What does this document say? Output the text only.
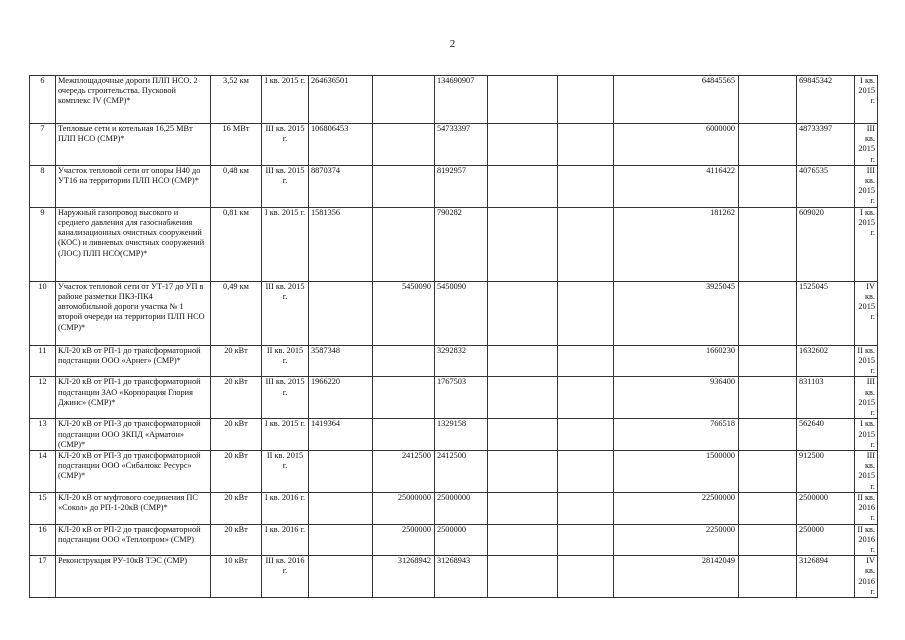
2
6	Межплощадочные дороги ПЛП НСО. 2 очередь строительства. Пусковой комплекс IV (СМР)*	3,52 км	I кв. 2015 г.	264636501		134690907			64845565		69845342	I кв. 2015 г.
7	Тепловые сети и котельная 16,25 МВт ПЛП НСО (СМР)*	16 МВт	III кв. 2015 г.	106806453		54733397			6000000		48733397	III кв. 2015 г.
8	Участок тепловой сети от опоры Н40 до УТ16 на территории ПЛП НСО (СМР)*	0,48 км	III кв. 2015 г.	8870374		8192957			4116422		4076535	III кв. 2015 г.
9	Наружный газопровод высокого и среднего давления для газоснабжения канализационных очистных сооружений (КОС) и ливневых очистных сооружений (ЛОС) ПЛП НСО(СМР)*	0,81 км	I кв. 2015 г.	1581356		790282			181262		609020	I кв. 2015 г.
10	Участок тепловой сети от УТ-17 до УП в районе разметки ПК3-ПК4 автомобильной дороги участка № 1 второй очереди на территории ПЛП НСО (СМР)*	0,49 км	III кв. 2015 г.		5450090	5450090			3925045		1525045	IV кв. 2015 г.
11	КЛ-20 кВ от РП-1 до трансформаторной подстанции ООО «Арнег» (СМР)*	20 кВт	II кв. 2015 г.	3587348		3292832			1660230		1632602	II кв. 2015 г.
12	КЛ-20 кВ от РП-1 до трансформаторной подстанции ЗАО «Корпорация Глория Джинс» (СМР)*	20 кВт	III кв. 2015 г.	1966220		1767503			936400		831103	III кв. 2015 г.
13	КЛ-20 кВ от РП-3 до трансформаторной подстанции ООО ЗКПД «Арматон» (СМР)*	20 кВт	I кв. 2015 г.	1419364		1329158			766518		562640	I кв. 2015 г.
14	КЛ-20 кВ от РП-3 до трансформаторной подстанции ООО «Сибалюкс Ресурс» (СМР)*	20 кВт	II кв. 2015 г.		2412500	2412500			1500000		912500	III кв. 2015 г.
15	КЛ-20 кВ от муфтового соединения ПС «Сокол» до РП-1-20кВ (СМР)*	20 кВт	I кв. 2016 г.		25000000	25000000			22500000		2500000	II кв. 2016 г.
16	КЛ-20 кВ от РП-2 до трансформаторной подстанции ООО «Теплопром» (СМР)	20 кВт	I кв. 2016 г.		2500000	2500000			2250000		250000	II кв. 2016 г.
17	Реконструкция РУ-10кВ ТЭС (СМР)	10 кВт	III кв. 2016 г.		31268942	31268943			28142049		3126894	IV кв. 2016 г.
